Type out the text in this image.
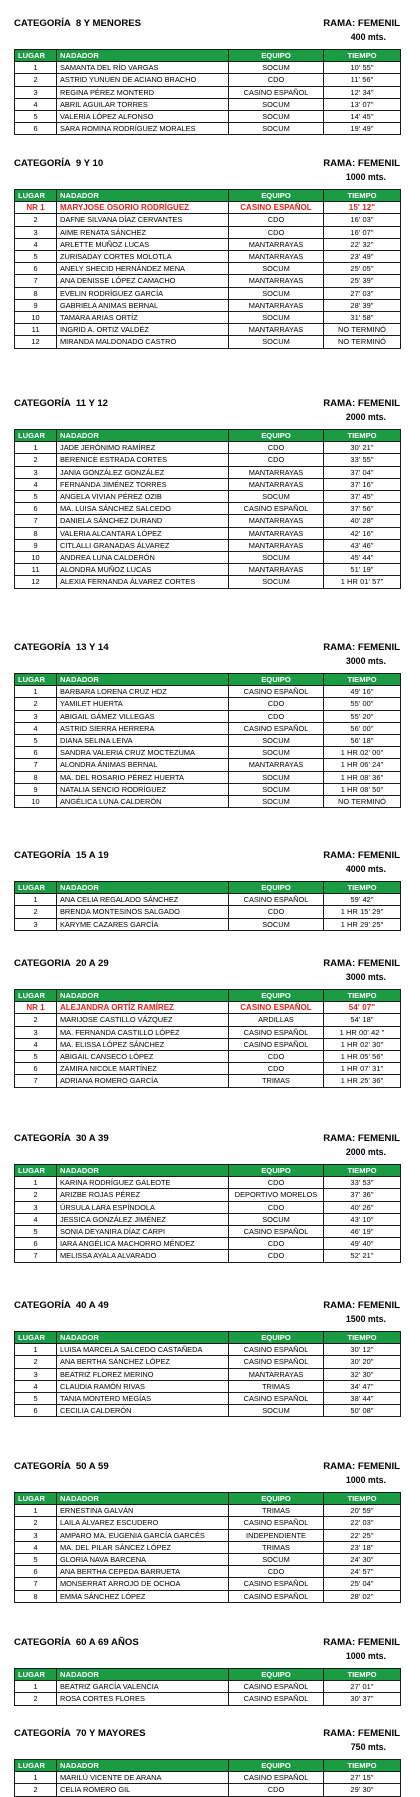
CATEGORÍA  8 Y MENORES	RAMA: FEMENIL
400 mts.
LUGAR	NADADOR	EQUIPO	TIEMPO
1	SAMANTA DEL RÍO VARGAS	SOCUM	10' 55"
2	ASTRID YUNUEN DE ACIANO BRACHO	CDO	11' 56"
3	REGINA PÉREZ MONTERD	CASINO ESPAÑOL	12' 34"
4	ABRIL AGUILAR TORRES	SOCUM	13' 07"
5	VALERIA LÓPEZ ALFONSO	SOCUM	14' 45"
6	SARA ROMINA RODRÍGUEZ MORALES	SOCUM	19' 49"
CATEGORÍA  9 Y 10	RAMA: FEMENIL
1000 mts.
LUGAR	NADADOR	EQUIPO	TIEMPO
NR 1	MARYJOSE OSORIO RODRÍGUEZ	CASINO ESPAÑOL	15' 12"
2	DAFNE SILVANA DÍAZ CERVANTES	CDO	16' 03"
3	AIME RENATA SÁNCHEZ	CDO	16' 07"
4	ARLETTE MUÑOZ LUCAS	MANTARRAYAS	22' 32"
5	ZURISADAY CORTES MOLOTLA	MANTARRAYAS	23' 49"
6	ANELY SHECID HERNÁNDEZ MENA	SOCUM	25' 05"
7	ANA DENISSE LÓPEZ CAMACHO	MANTARRAYAS	25' 39"
8	EVELIN RODRÍGUEZ GARCÍA	SOCUM	27' 03"
9	GABRIELA ANIMAS BERNAL	MANTARRAYAS	28' 39"
10	TAMARA ARIAS ORTÍZ	SOCUM	31' 58"
11	INGRID A. ORTIZ VALDÉZ	MANTARRAYAS	NO TERMINÓ
12	MIRANDA MALDONADO CASTRO	SOCUM	NO TERMINÓ
CATEGORÍA  11 Y 12	RAMA: FEMENIL
2000 mts.
LUGAR	NADADOR	EQUIPO	TIEMPO
1	JADE JERÓNIMO RAMÍREZ	CDO	30' 21"
2	BERENICE ESTRADA CORTES	CDO	33' 55"
3	JANIA GONZÁLEZ GONZÁLEZ	MANTARRAYAS	37' 04"
4	FERNANDA JIMÉNEZ TORRES	MANTARRAYAS	37' 16"
5	ANGELA VIVIAN PÉREZ OZIB	SOCUM	37' 45"
6	MA. LUISA SÁNCHEZ SALCEDO	CASINO ESPAÑOL	37' 56"
7	DANIELA SÁNCHEZ DURAND	MANTARRAYAS	40' 28"
8	VALERIA ALCANTARA LÓPEZ	MANTARRAYAS	42' 16"
9	CITLALLI GRANADAS ÁLVAREZ	MANTARRAYAS	43' 46"
10	ANDREA LUNA CALDERÓN	SOCUM	45' 44"
11	ALONDRA MUÑOZ LUCAS	MANTARRAYAS	51' 19"
12	ALEXIA FERNANDA ÁLVAREZ CORTES	SOCUM	1 HR 01' 57"
CATEGORÍA  13 Y 14	RAMA: FEMENIL
3000 mts.
LUGAR	NADADOR	EQUIPO	TIEMPO
1	BARBARA LORENA CRUZ HDZ	CASINO ESPAÑOL	49' 16"
2	YAMILET HUERTA	CDO	55' 00"
3	ABIGAIL GÁMEZ VILLEGAS	CDO	55' 20"
4	ASTRID SIERRA HERRERA	CASINO ESPAÑOL	56' 00"
5	DIANA SELINA LEIVA	SOCUM	56' 18"
6	SANDRA VALERIA CRUZ MOCTEZUMA	SOCUM	1 HR 02' 00"
7	ALONDRA ÁNIMAS BERNAL	MANTARRAYAS	1 HR 06' 24"
8	MA. DEL ROSARIO PÉREZ HUERTA	SOCUM	1 HR 08' 36"
9	NATALIA SENCIO RODRÍGUEZ	SOCUM	1 HR 08' 50"
10	ANGÉLICA LUNA CALDERÓN	SOCUM	NO TERMINÓ
CATEGORÍA  15 A 19	RAMA: FEMENIL
4000 mts.
LUGAR	NADADOR	EQUIPO	TIEMPO
1	ANA CELIA REGALADO SÁNCHEZ	CASINO ESPAÑOL	59' 42"
2	BRENDA MONTESINOS SALGADO	CDO	1 HR 15' 29"
3	KARYME CAZARES GARCÍA	SOCUM	1 HR 29' 25"
CATEGORIA  20 A 29	RAMA: FEMENIL
3000 mts.
LUGAR	NADADOR	EQUIPO	TIEMPO
NR 1	ALEJANDRA ORTÍZ RAMÍREZ	CASINO ESPAÑOL	54' 07"
2	MARIJOSE CASTILLO VÁZQUEZ	ARDILLAS	54' 18"
3	MA. FERNANDA CASTILLO LÓPEZ	CASINO ESPAÑOL	1 HR 00' 42 "
4	MA. ELISSA LÓPEZ SÁNCHEZ	CASINO ESPAÑOL	1 HR 02' 30"
5	ABIGAIL CANSECO LÓPEZ	CDO	1 HR 05' 56"
6	ZAMIRA NICOLE MARTÍNEZ	CDO	1 HR 07' 31"
7	ADRIANA ROMERO GARCÍA	TRIMAS	1 HR 25' 36"
CATEGORÍA  30 A 39	RAMA: FEMENIL
2000 mts.
LUGAR	NADADOR	EQUIPO	TIEMPO
1	KARINA RODRÍGUEZ GALEOTE	CDO	33' 53"
2	ARIZBE ROJAS PÉREZ	DEPORTIVO MORELOS	37' 36"
3	ÚRSULA LARA ESPÍNDOLA	CDO	40' 26"
4	JESSICA GONZÁLEZ JIMÉNEZ	SOCUM	43' 10"
5	SONIA DEYANIRA DÍAZ CARPI	CASINO ESPAÑOL	46' 19"
6	IARA ANGÉLICA MACHORRO MÉNDEZ	CDO	49' 40"
7	MELISSA AYALA ALVARADO	CDO	52' 21"
CATEGORÍA  40 A 49	RAMA: FEMENIL
1500 mts.
LUGAR	NADADOR	EQUIPO	TIEMPO
1	LUISA MARCELA SALCEDO CASTAÑEDA	CASINO ESPAÑOL	30' 12"
2	ANA BERTHA SÁNCHEZ LÓPEZ	CASINO ESPAÑOL	30' 20"
3	BEATRIZ FLOREZ MERINO	MANTARRAYAS	32' 30"
4	CLAUDIA RAMÓN RIVAS	TRIMAS	34' 47"
5	TANIA MONTERD MEGÍAS	CASINO ESPAÑOL	38' 44"
6	CECILIA CALDERÓN	SOCUM	50' 08"
CATEGORÍA  50 A 59	RAMA: FEMENIL
1000 mts.
LUGAR	NADADOR	EQUIPO	TIEMPO
1	ERNESTINA GALVÁN	TRIMAS	20' 59"
2	LAILA ÁLVAREZ ESCUDERO	CASINO ESPAÑOL	22' 03"
3	AMPARO MA. EUGENIA GARCÍA GARCÉS	INDEPENDIENTE	22' 25"
4	MA. DEL PILAR SÁNCEZ LÓPEZ	TRIMAS	23' 18"
5	GLORIA NAVA BARCENA	SOCUM	24' 30"
6	ANA BERTHA CEPEDA BARRUETA	CDO	24' 57"
7	MONSERRAT ARROJO DE OCHOA	CASINO ESPAÑOL	25' 04"
8	EMMA SÁNCHEZ LÓPEZ	CASINO ESPAÑOL	28' 02"
CATEGORÍA  60 A 69 AÑOS	RAMA: FEMENIL
1000 mts.
LUGAR	NADADOR	EQUIPO	TIEMPO
1	BEATRIZ GARCÍA VALENCIA	CASINO ESPAÑOL	27' 01"
2	ROSA CORTES FLORES	CASINO ESPAÑOL	30' 37"
CATEGORÍA  70 Y MAYORES	RAMA: FEMENIL
750 mts.
LUGAR	NADADOR	EQUIPO	TIEMPO
1	MARILÚ VICENTE DE ARANA	CASINO ESPAÑOL	27' 15"
2	CELIA ROMERO GIL	CDO	29' 30"
